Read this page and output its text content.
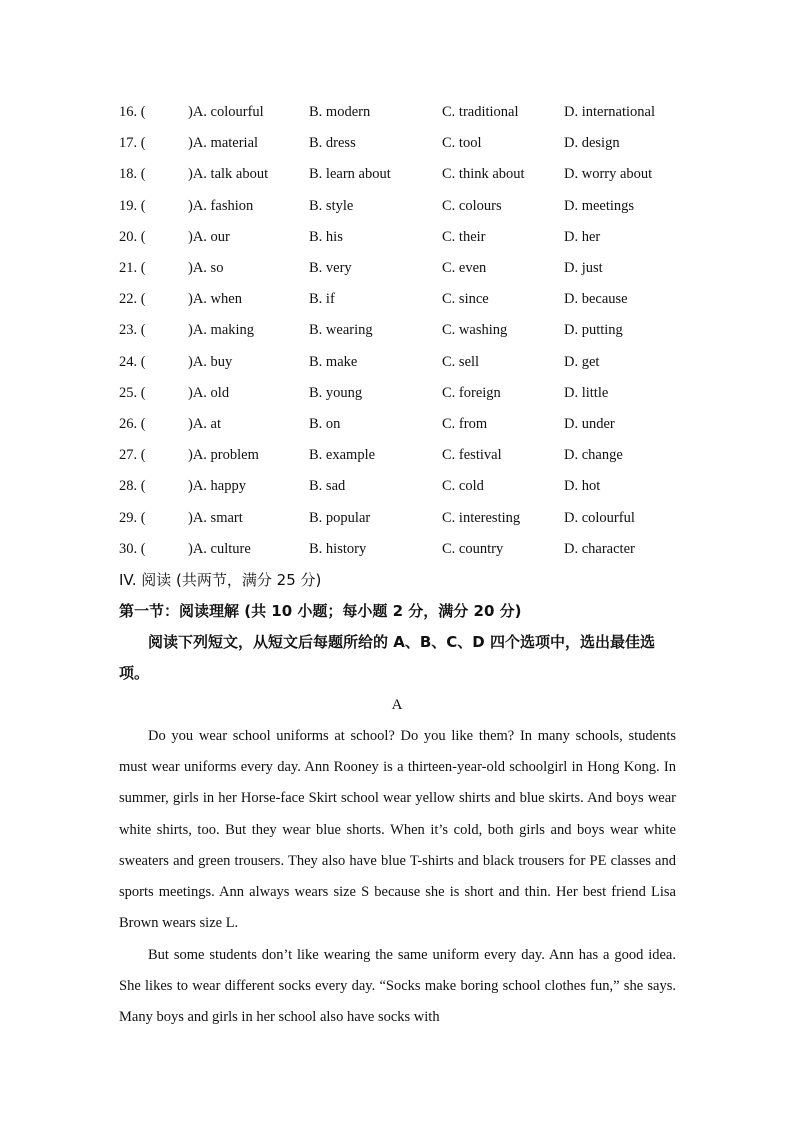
16. (	)A. colourful	B. modern	C. traditional	D. international
17. (	)A. material	B. dress	C. tool	D. design
18. (	)A. talk about	B. learn about	C. think about	D. worry about
19. (	)A. fashion	B. style	C. colours	D. meetings
20. (	)A. our	B. his	C. their	D. her
21. (	)A. so	B. very	C. even	D. just
22. (	)A. when	B. if	C. since	D. because
23. (	)A. making	B. wearing	C. washing	D. putting
24. (	)A. buy	B. make	C. sell	D. get
25. (	)A. old	B. young	C. foreign	D. little
26. (	)A. at	B. on	C. from	D. under
27. (	)A. problem	B. example	C. festival	D. change
28. (	)A. happy	B. sad	C. cold	D. hot
29. (	)A. smart	B. popular	C. interesting	D. colourful
30. (	)A. culture	B. history	C. country	D. character
IV. 阅读 (共两节，满分 25 分)
第一节：阅读理解 (共 10 小题；每小题 2 分，满分 20 分)
阅读下列短文，从短文后每题所给的 A、B、C、D 四个选项中，选出最佳选项。
A
Do you wear school uniforms at school? Do you like them? In many schools, students must wear uniforms every day. Ann Rooney is a thirteen-year-old schoolgirl in Hong Kong. In summer, girls in her Horse-face Skirt school wear yellow shirts and blue skirts. And boys wear white shirts, too. But they wear blue shorts. When it’s cold, both girls and boys wear white sweaters and green trousers. They also have blue T-shirts and black trousers for PE classes and sports meetings. Ann always wears size S because she is short and thin. Her best friend Lisa Brown wears size L.
But some students don’t like wearing the same uniform every day. Ann has a good idea. She likes to wear different socks every day. “Socks make boring school clothes fun,” she says. Many boys and girls in her school also have socks with
